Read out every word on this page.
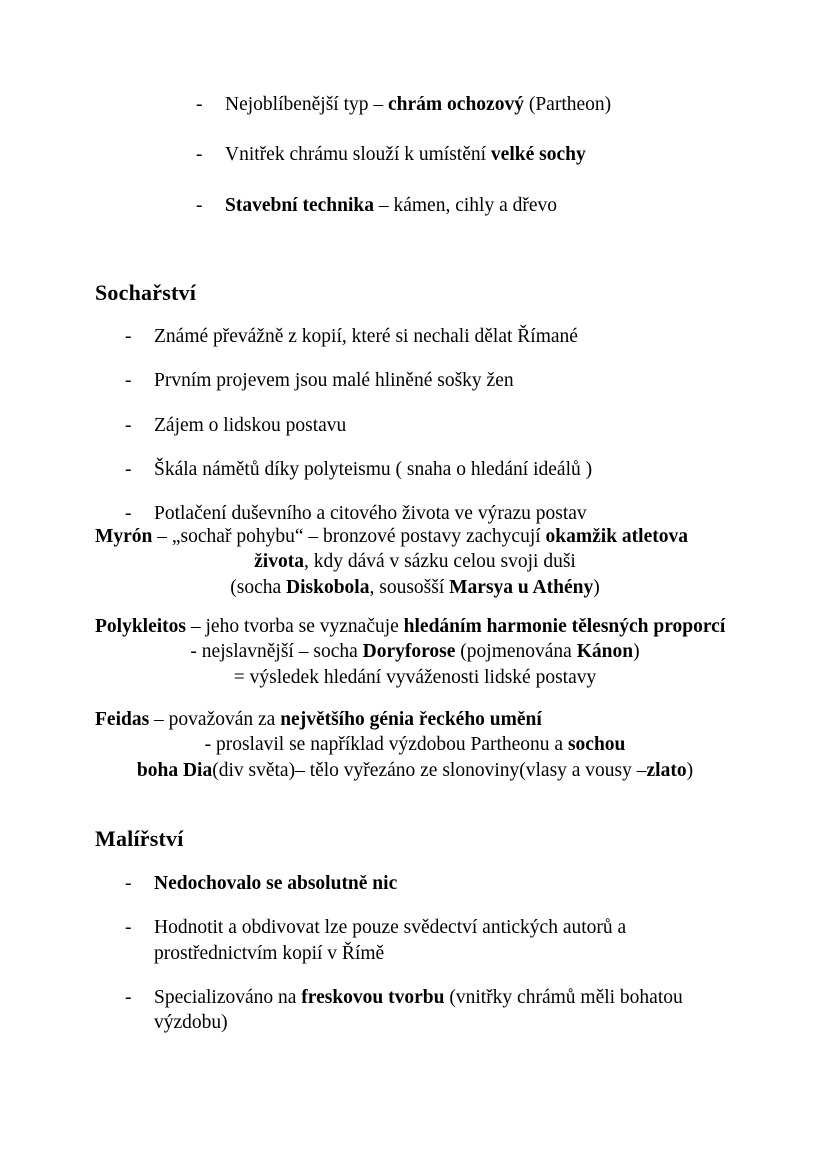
-	Nejoblíbenější typ – chrám ochozový (Partheon)
-	Vnitřek chrámu slouží k umístění velké sochy
-	Stavební technika – kámen, cihly a dřevo
Sochařství
-	Známé převážně z kopií, které si nechali dělat Římané
-	Prvním projevem jsou malé hliněné sošky žen
-	Zájem o lidskou postavu
-	Škála námětů díky polyteismu ( snaha o hledání ideálů )
-	Potlačení duševního a citového života ve výrazu postav
Myrón – „sochař pohybu“ – bronzové postavy zachycují okamžik atletova
života, kdy dává v sázku celou svoji duši
(socha Diskobola, sousošší Marsya u Athény)
Polykleitos – jeho tvorba se vyznačuje hledáním harmonie tělesných proporcí
- nejslavnější – socha Doryforose (pojmenována Kánon)
= výsledek hledání vyváženosti lidské postavy
Feidas – považován za největšího génia řeckého umění
- proslavil se například výzdobou Partheonu a sochou
boha Dia(div světa)– tělo vyřezáno ze slonoviny(vlasy a vousy –zlato)
Malířství
-	Nedochovalo se absolutně nic
-	Hodnotit a obdivovat lze pouze svědectví antických autorů a prostřednictvím kopií v Římě
-	Specializováno na freskovou tvorbu (vnitřky chrámů měli bohatou výzdobu)
